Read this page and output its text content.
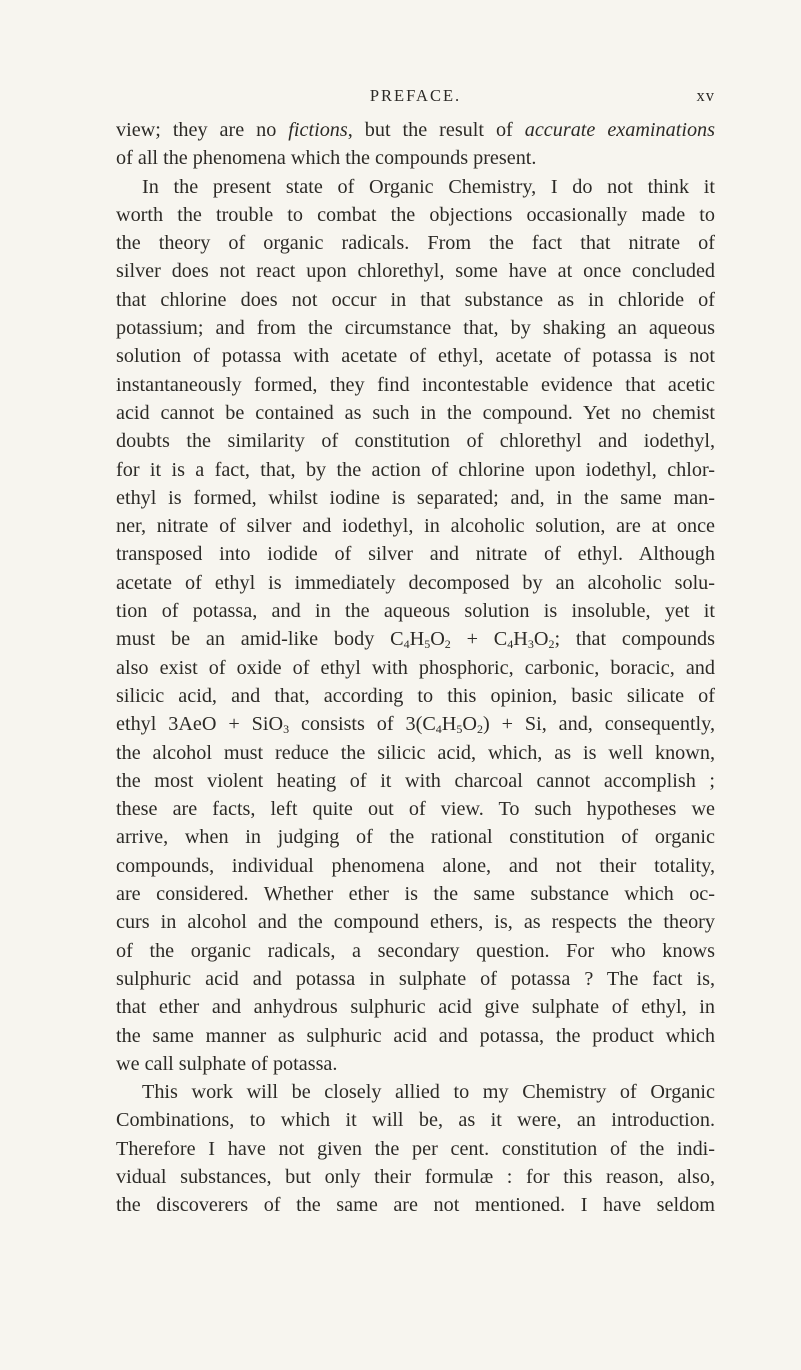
PREFACE.	xv
view; they are no fictions, but the result of accurate examinations
of all the phenomena which the compounds present.
In the present state of Organic Chemistry, I do not think it
worth the trouble to combat the objections occasionally made to
the theory of organic radicals. From the fact that nitrate of
silver does not react upon chlorethyl, some have at once concluded
that chlorine does not occur in that substance as in chloride of
potassium; and from the circumstance that, by shaking an aqueous
solution of potassa with acetate of ethyl, acetate of potassa is not
instantaneously formed, they find incontestable evidence that acetic
acid cannot be contained as such in the compound. Yet no chemist
doubts the similarity of constitution of chlorethyl and iodethyl,
for it is a fact, that, by the action of chlorine upon iodethyl, chlor-
ethyl is formed, whilst iodine is separated; and, in the same man-
ner, nitrate of silver and iodethyl, in alcoholic solution, are at once
transposed into iodide of silver and nitrate of ethyl. Although
acetate of ethyl is immediately decomposed by an alcoholic solu-
tion of potassa, and in the aqueous solution is insoluble, yet it
must be an amid-like body $C_4H_5O_2 + C_4H_3O_2$; that compounds
also exist of oxide of ethyl with phosphoric, carbonic, boracic, and
silicic acid, and that, according to this opinion, basic silicate of
ethyl 3AeO + SiO$_3$ consists of $3(C_4H_5O_2) + Si$, and, consequently,
the alcohol must reduce the silicic acid, which, as is well known,
the most violent heating of it with charcoal cannot accomplish ;
these are facts, left quite out of view. To such hypotheses we
arrive, when in judging of the rational constitution of organic
compounds, individual phenomena alone, and not their totality,
are considered. Whether ether is the same substance which oc-
curs in alcohol and the compound ethers, is, as respects the theory
of the organic radicals, a secondary question. For who knows
sulphuric acid and potassa in sulphate of potassa ? The fact is,
that ether and anhydrous sulphuric acid give sulphate of ethyl, in
the same manner as sulphuric acid and potassa, the product which
we call sulphate of potassa.
This work will be closely allied to my Chemistry of Organic
Combinations, to which it will be, as it were, an introduction.
Therefore I have not given the per cent. constitution of the indi-
vidual substances, but only their formulæ : for this reason, also,
the discoverers of the same are not mentioned. I have seldom
